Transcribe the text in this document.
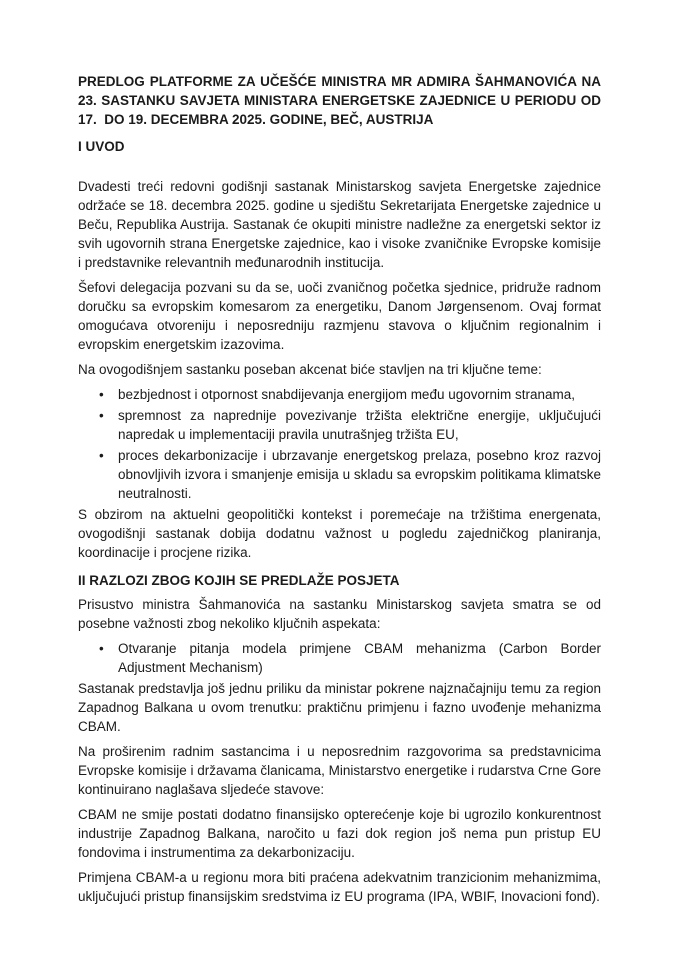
PREDLOG PLATFORME ZA UČEŠĆE MINISTRA MR ADMIRA ŠAHMANOVIĆA NA 23. SASTANKU SAVJETA MINISTARA ENERGETSKE ZAJEDNICE U PERIODU OD 17.  DO 19. DECEMBRA 2025. GODINE, BEČ, AUSTRIJA
I UVOD

Dvadesti treći redovni godišnji sastanak Ministarskog savjeta Energetske zajednice održaće se 18. decembra 2025. godine u sjedištu Sekretarijata Energetske zajednice u Beču, Republika Austrija. Sastanak će okupiti ministre nadležne za energetski sektor iz svih ugovornih strana Energetske zajednice, kao i visoke zvaničnike Evropske komisije i predstavnike relevantnih međunarodnih institucija.

Šefovi delegacija pozvani su da se, uoči zvaničnog početka sjednice, pridruže radnom doručku sa evropskim komesarom za energetiku, Danom Jørgensenom. Ovaj format omogućava otvoreniju i neposredniju razmjenu stavova o ključnim regionalnim i evropskim energetskim izazovima.

Na ovogodišnjem sastanku poseban akcenat biće stavljen na tri ključne teme:

• bezbjednost i otpornost snabdijevanja energijom među ugovornim stranama,
• spremnost za naprednije povezivanje tržišta električne energije, uključujući napredak u implementaciji pravila unutrašnjeg tržišta EU,
• proces dekarbonizacije i ubrzavanje energetskog prelaza, posebno kroz razvoj obnovljivih izvora i smanjenje emisija u skladu sa evropskim politikama klimatske neutralnosti.

S obzirom na aktuelni geopolitički kontekst i poremećaje na tržištima energenata, ovogodišnji sastanak dobija dodatnu važnost u pogledu zajedničkog planiranja, koordinacije i procjene rizika.

II RAZLOZI ZBOG KOJIH SE PREDLAŽE POSJETA

Prisustvo ministra Šahmanovića na sastanku Ministarskog savjeta smatra se od posebne važnosti zbog nekoliko ključnih aspekata:

• Otvaranje pitanja modela primjene CBAM mehanizma (Carbon Border Adjustment Mechanism)

Sastanak predstavlja još jednu priliku da ministar pokrene najznačajniju temu za region Zapadnog Balkana u ovom trenutku: praktičnu primjenu i fazno uvođenje mehanizma CBAM.

Na proširenim radnim sastancima i u neposrednim razgovorima sa predstavnicima Evropske komisije i državama članicama, Ministarstvo energetike i rudarstva Crne Gore kontinuirano naglašava sljedeće stavove:

CBAM ne smije postati dodatno finansijsko opterećenje koje bi ugrozilo konkurentnost industrije Zapadnog Balkana, naročito u fazi dok region još nema pun pristup EU fondovima i instrumentima za dekarbonizaciju.

Primjena CBAM-a u regionu mora biti praćena adekvatnim tranzicionim mehanizmima, uključujući pristup finansijskim sredstvima iz EU programa (IPA, WBIF, Inovacioni fond).
